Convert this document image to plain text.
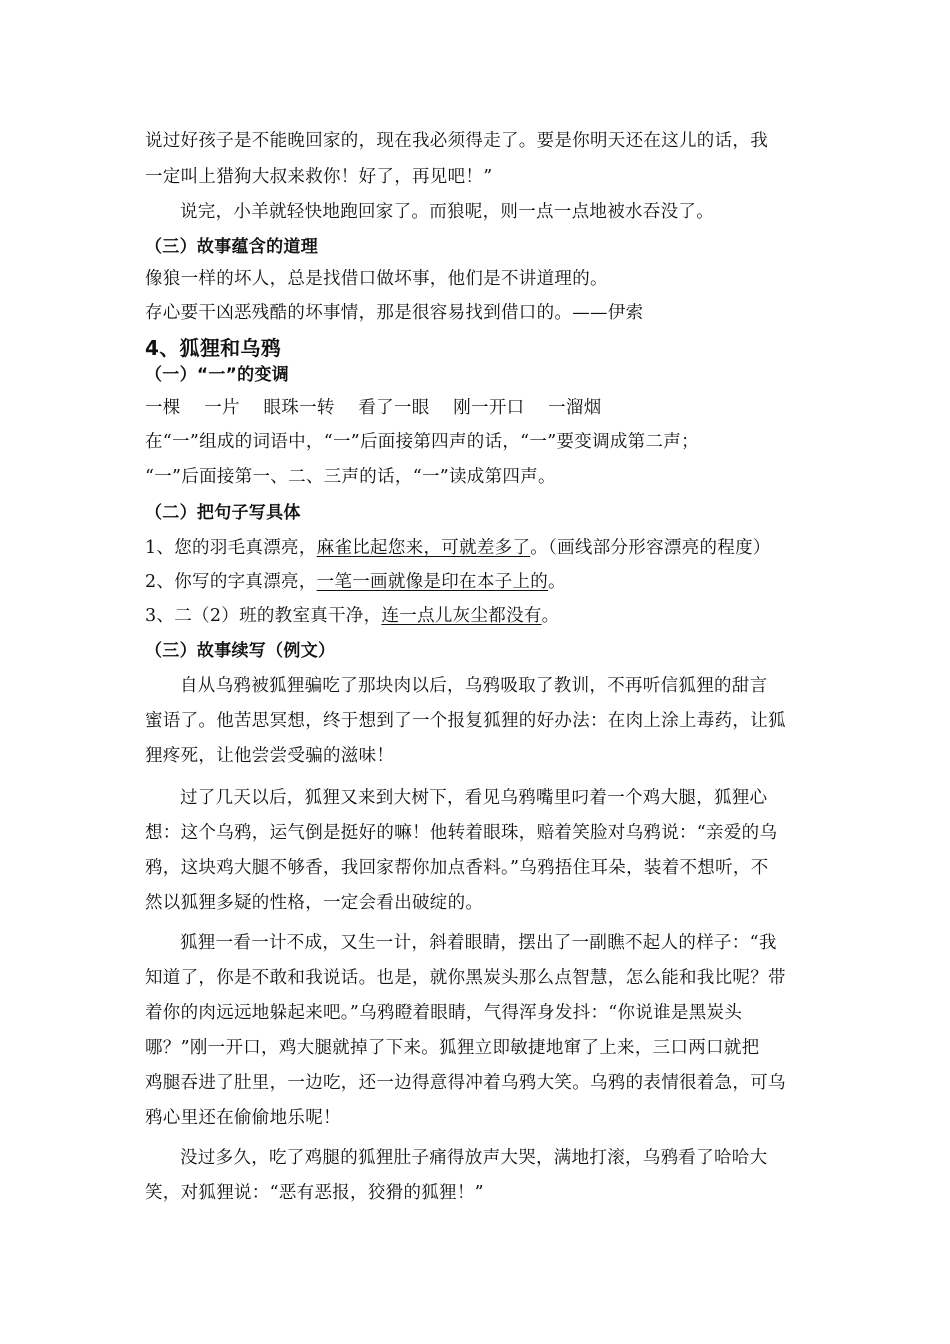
说过好孩子是不能晚回家的，现在我必须得走了。要是你明天还在这儿的话，我
一定叫上猎狗大叔来救你！好了，再见吧！”
说完，小羊就轻快地跑回家了。而狼呢，则一点一点地被水吞没了。
（三）故事蕴含的道理
像狼一样的坏人，总是找借口做坏事，他们是不讲道理的。
存心要干凶恶残酷的坏事情，那是很容易找到借口的。——伊索
4、狐狸和乌鸦
（一）“一”的变调
一棵　 一片　 眼珠一转　 看了一眼　 刚一开口　 一溜烟
在“一”组成的词语中，“一”后面接第四声的话，“一”要变调成第二声；
“一”后面接第一、二、三声的话，“一”读成第四声。
（二）把句子写具体
1、您的羽毛真漂亮，麻雀比起您来，可就差多了。（画线部分形容漂亮的程度）
2、你写的字真漂亮，一笔一画就像是印在本子上的。
3、二（2）班的教室真干净，连一点儿灰尘都没有。
（三）故事续写（例文）
自从乌鸦被狐狸骗吃了那块肉以后，乌鸦吸取了教训，不再听信狐狸的甜言
蜜语了。他苦思冥想，终于想到了一个报复狐狸的好办法：在肉上涂上毒药，让狐
狸疼死，让他尝尝受骗的滋味！
过了几天以后，狐狸又来到大树下，看见乌鸦嘴里叼着一个鸡大腿，狐狸心
想：这个乌鸦，运气倒是挺好的嘛！他转着眼珠，赔着笑脸对乌鸦说：“亲爱的乌
鸦，这块鸡大腿不够香，我回家帮你加点香料。”乌鸦捂住耳朵，装着不想听，不
然以狐狸多疑的性格，一定会看出破绽的。
狐狸一看一计不成，又生一计，斜着眼睛，摆出了一副瞧不起人的样子：“我
知道了，你是不敢和我说话。也是，就你黑炭头那么点智慧，怎么能和我比呢？带
着你的肉远远地躲起来吧。”乌鸦瞪着眼睛，气得浑身发抖：“你说谁是黑炭头
哪？”刚一开口，鸡大腿就掉了下来。狐狸立即敏捷地窜了上来，三口两口就把
鸡腿吞进了肚里，一边吃，还一边得意得冲着乌鸦大笑。乌鸦的表情很着急，可乌
鸦心里还在偷偷地乐呢！
没过多久，吃了鸡腿的狐狸肚子痛得放声大哭，满地打滚，乌鸦看了哈哈大
笑，对狐狸说：“恶有恶报，狡猾的狐狸！”
